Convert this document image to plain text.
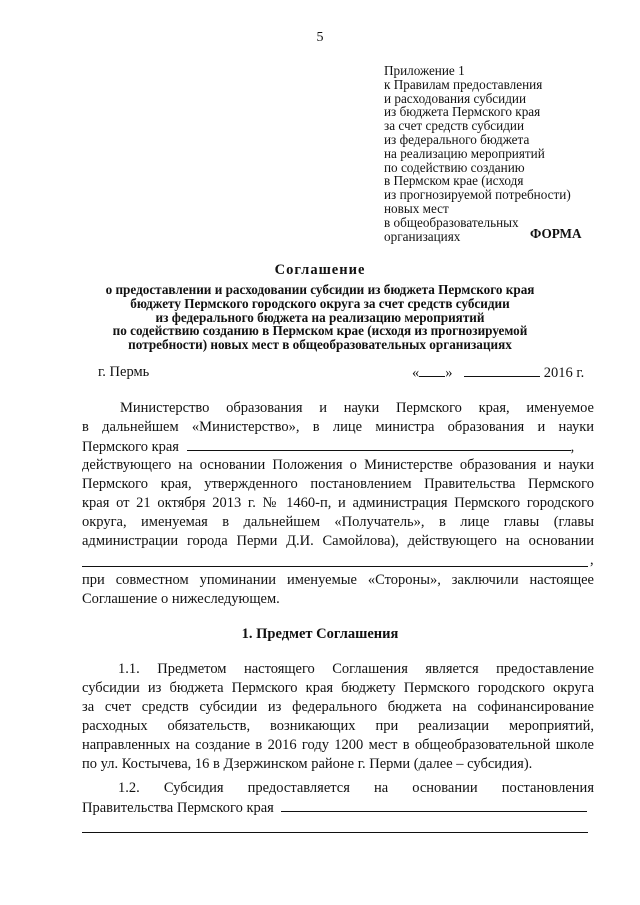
5
Приложение 1
к Правилам предоставления
и расходования субсидии
из бюджета Пермского края
за счет средств субсидии
из федерального бюджета
на реализацию мероприятий
по содействию созданию
в Пермском крае (исходя
из прогнозируемой потребности)
новых мест
в общеобразовательных
организациях	ФОРМА
Соглашение
о предоставлении и расходовании субсидии из бюджета Пермского края
бюджету Пермского городского округа за счет средств субсидии
из федерального бюджета на реализацию мероприятий
по содействию созданию в Пермском крае (исходя из прогнозируемой
потребности) новых мест в общеобразовательных организациях
г. Пермь	« »	2016 г.
Министерство образования и науки Пермского края, именуемое
в дальнейшем «Министерство», в лице министра образования и науки
Пермского края	,
действующего на основании Положения о Министерстве образования и науки
Пермского края, утвержденного постановлением Правительства Пермского
края от 21 октября 2013 г. № 1460-п, и администрация Пермского городского
округа, именуемая в дальнейшем «Получатель», в лице главы (главы
администрации города Перми Д.И. Самойлова), действующего на основании
,
при совместном упоминании именуемые «Стороны», заключили настоящее
Соглашение о нижеследующем.
1. Предмет Соглашения
1.1. Предметом настоящего Соглашения является предоставление
субсидии из бюджета Пермского края бюджету Пермского городского округа
за счет средств субсидии из федерального бюджета на софинансирование
расходных обязательств, возникающих при реализации мероприятий,
направленных на создание в 2016 году 1200 мест в общеобразовательной школе
по ул. Костычева, 16 в Дзержинском районе г. Перми (далее – субсидия).
1.2. Субсидия предоставляется на основании постановления
Правительства Пермского края
